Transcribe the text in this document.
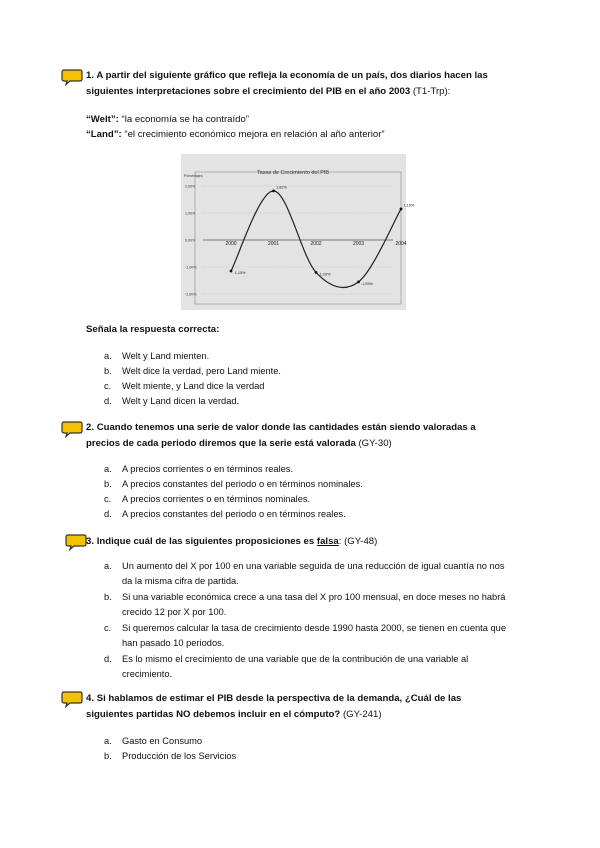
1. A partir del siguiente gráfico que refleja la economía de un país, dos diarios hacen las siguientes interpretaciones sobre el crecimiento del PIB en el año 2003 (T1-Trp):
“Welt”: “la economía se ha contraído”
“Land”: “el crecimiento económico mejora en relación al año anterior”
Tasas de Crecimiento del PIB
Porcentajes
2,00%
1,00%
0,00%
-1,00%
-2,00%
2000	2001	2002	2003	2004
-1,15%
1,82%
-1,20%
-1,55%
1,15%
Señala la respuesta correcta:
a.	Welt y Land mienten.
b.	Welt dice la verdad, pero Land miente.
c.	Welt miente, y Land dice la verdad
d.	Welt y Land dicen la verdad.
2. Cuando tenemos una serie de valor donde las cantidades están siendo valoradas a precios de cada periodo diremos que la serie está valorada (GY-30)
a.	A precios corrientes o en términos reales.
b.	A precios constantes del periodo o en términos nominales.
c.	A precios corrientes o en términos nominales.
d.	A precios constantes del periodo o en términos reales.
3. Indique cuál de las siguientes proposiciones es falsa: (GY-48)
a.	Un aumento del X por 100 en una variable seguida de una reducción de igual cuantía no nos da la misma cifra de partida.
b.	Si una variable económica crece a una tasa del X pro 100 mensual, en doce meses no habrá crecido 12 por X por 100.
c.	Si queremos calcular la tasa de crecimiento desde 1990 hasta 2000, se tienen en cuenta que han pasado 10 periodos.
d.	Es lo mismo el crecimiento de una variable que de la contribución de una variable al crecimiento.
4. Si hablamos de estimar el PIB desde la perspectiva de la demanda, ¿Cuál de las siguientes partidas NO debemos incluir en el cómputo? (GY-241)
a.	Gasto en Consumo
b.	Producción de los Servicios
